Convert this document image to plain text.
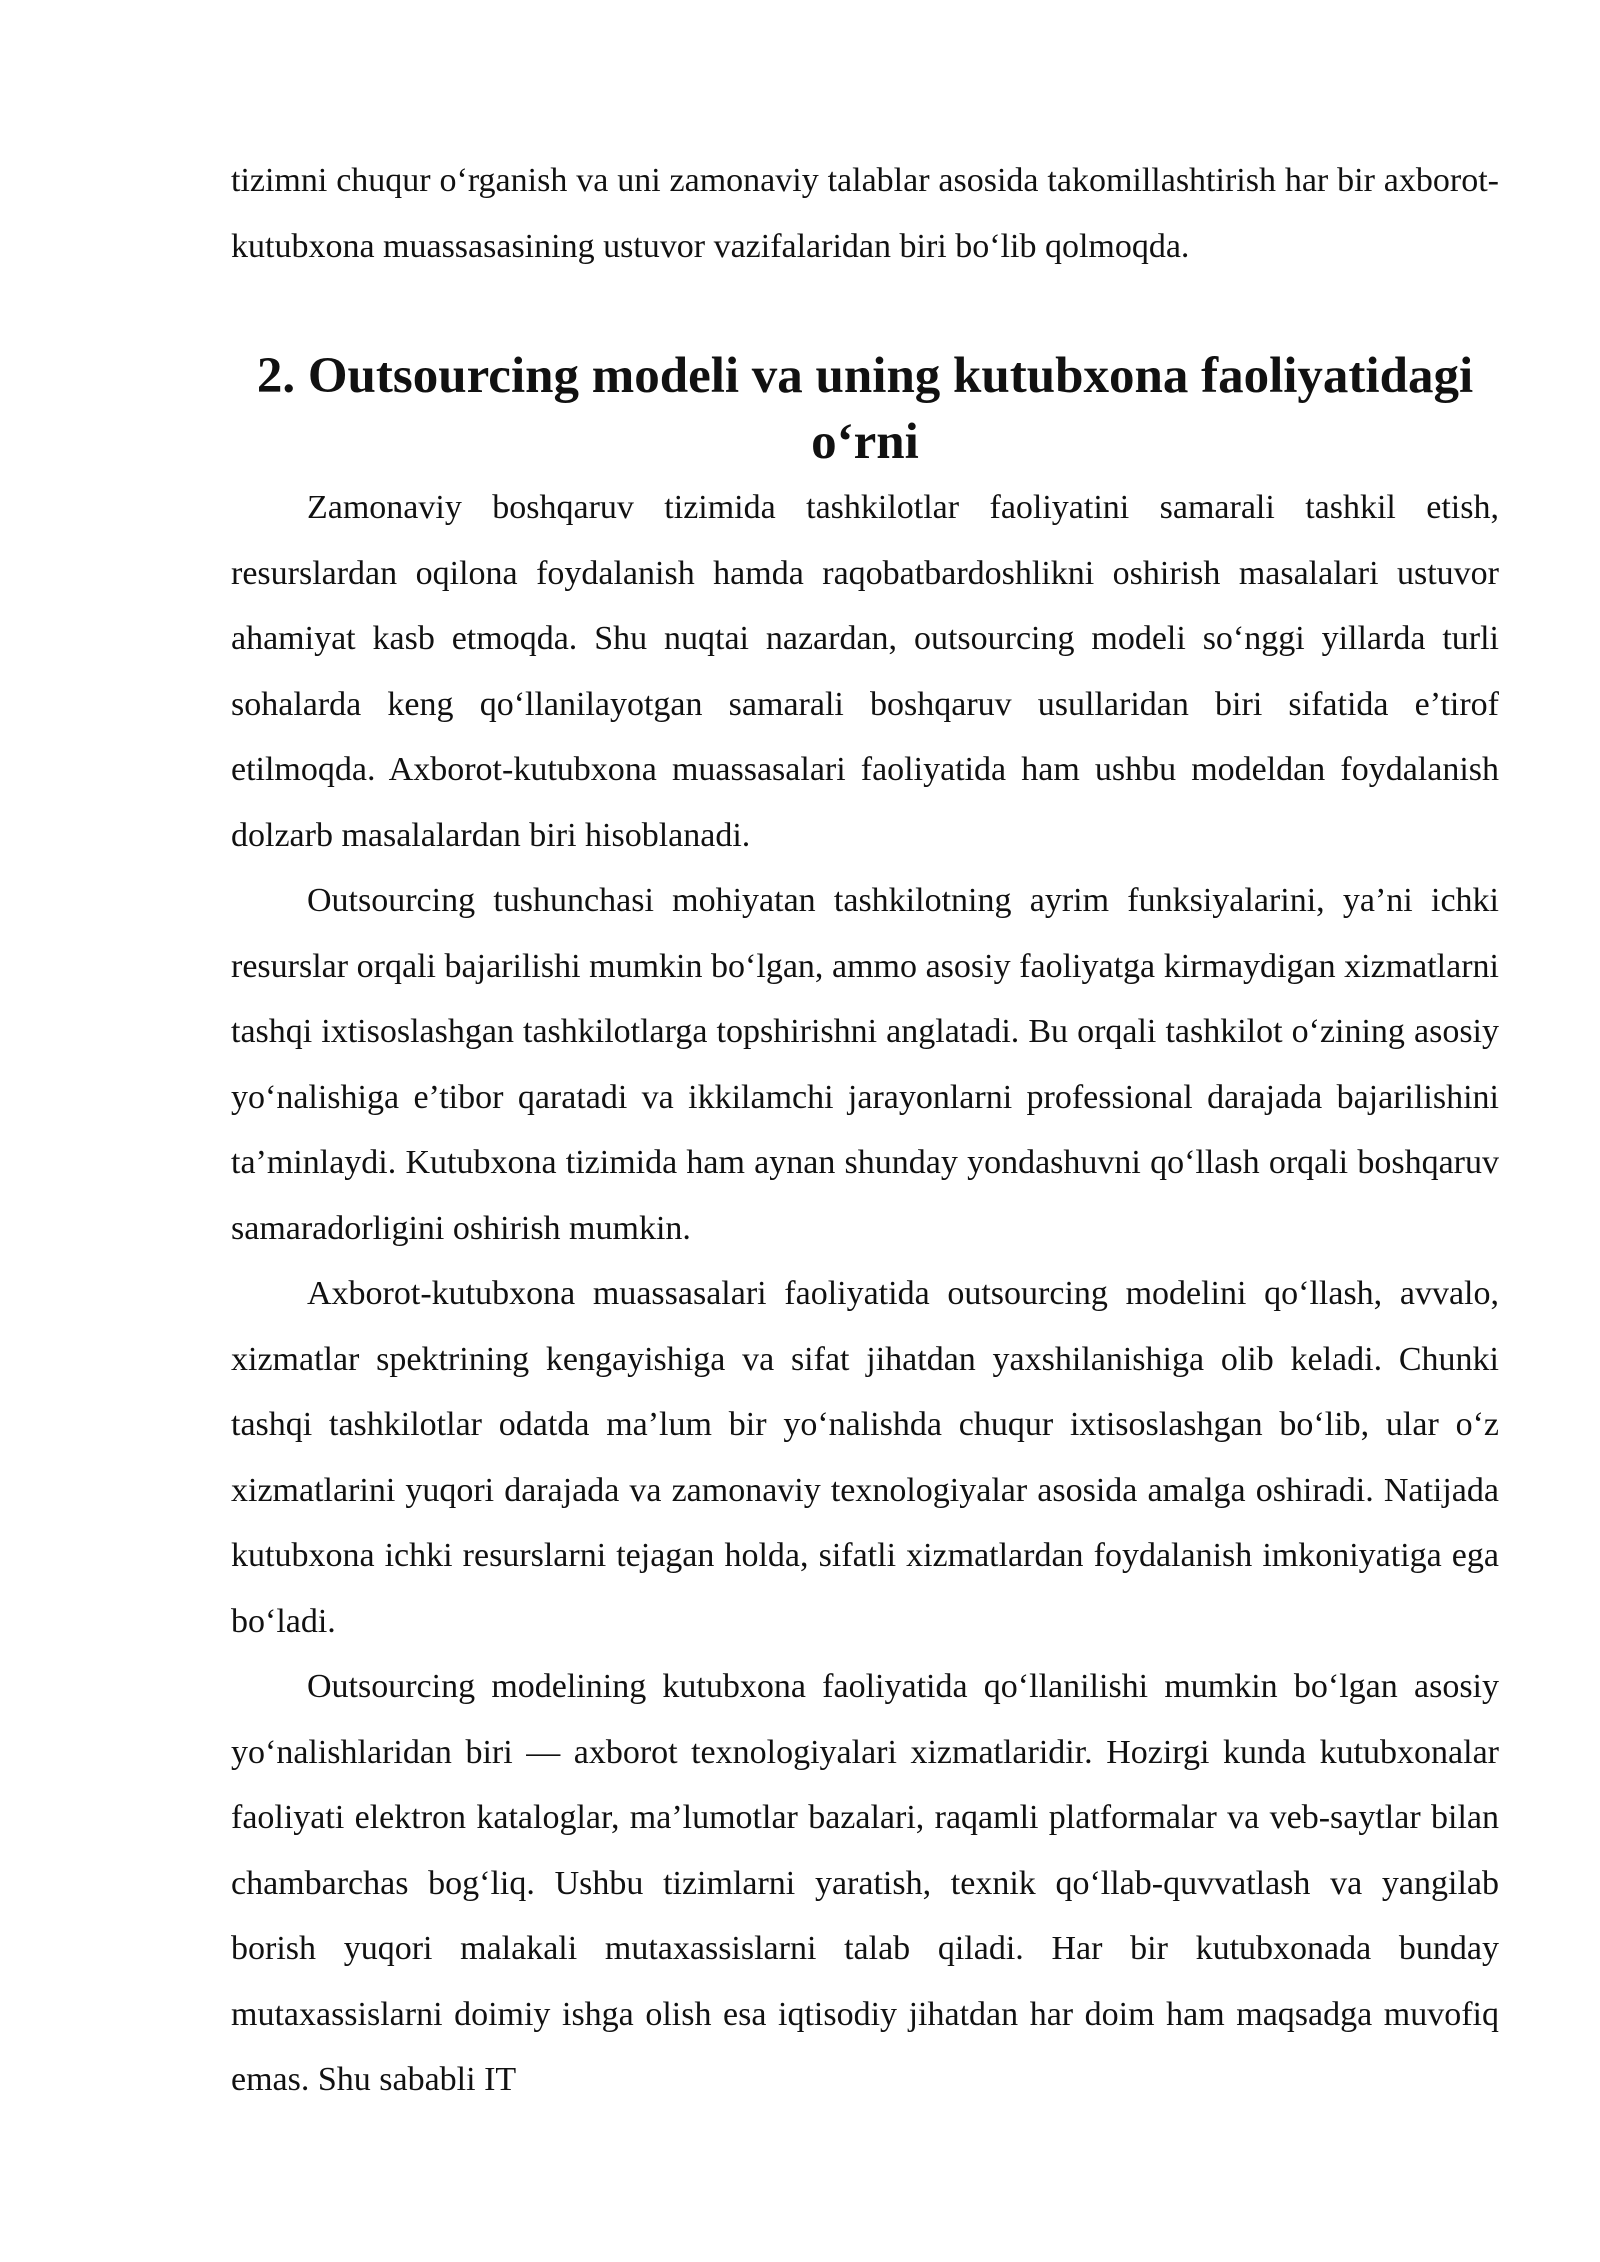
tizimni chuqur o‘rganish va uni zamonaviy talablar asosida takomillashtirish har bir axborot-kutubxona muassasasining ustuvor vazifalaridan biri bo‘lib qolmoqda.

2. Outsourcing modeli va uning kutubxona faoliyatidagi o‘rni

Zamonaviy boshqaruv tizimida tashkilotlar faoliyatini samarali tashkil etish, resurslardan oqilona foydalanish hamda raqobatbardoshlikni oshirish masalalari ustuvor ahamiyat kasb etmoqda. Shu nuqtai nazardan, outsourcing modeli so‘nggi yillarda turli sohalarda keng qo‘llanilayotgan samarali boshqaruv usullaridan biri sifatida e’tirof etilmoqda. Axborot-kutubxona muassasalari faoliyatida ham ushbu modeldan foydalanish dolzarb masalalardan biri hisoblanadi.

Outsourcing tushunchasi mohiyatan tashkilotning ayrim funksiyalarini, ya’ni ichki resurslar orqali bajarilishi mumkin bo‘lgan, ammo asosiy faoliyatga kirmaydigan xizmatlarni tashqi ixtisoslashgan tashkilotlarga topshirishni anglatadi. Bu orqali tashkilot o‘zining asosiy yo‘nalishiga e’tibor qaratadi va ikkilamchi jarayonlarni professional darajada bajarilishini ta’minlaydi. Kutubxona tizimida ham aynan shunday yondashuvni qo‘llash orqali boshqaruv samaradorligini oshirish mumkin.

Axborot-kutubxona muassasalari faoliyatida outsourcing modelini qo‘llash, avvalo, xizmatlar spektrining kengayishiga va sifat jihatdan yaxshilanishiga olib keladi. Chunki tashqi tashkilotlar odatda ma’lum bir yo‘nalishda chuqur ixtisoslashgan bo‘lib, ular o‘z xizmatlarini yuqori darajada va zamonaviy texnologiyalar asosida amalga oshiradi. Natijada kutubxona ichki resurslarni tejagan holda, sifatli xizmatlardan foydalanish imkoniyatiga ega bo‘ladi.

Outsourcing modelining kutubxona faoliyatida qo‘llanilishi mumkin bo‘lgan asosiy yo‘nalishlaridan biri — axborot texnologiyalari xizmatlaridir. Hozirgi kunda kutubxonalar faoliyati elektron kataloglar, ma’lumotlar bazalari, raqamli platformalar va veb-saytlar bilan chambarchas bog‘liq. Ushbu tizimlarni yaratish, texnik qo‘llab-quvvatlash va yangilab borish yuqori malakali mutaxassislarni talab qiladi. Har bir kutubxonada bunday mutaxassislarni doimiy ishga olish esa iqtisodiy jihatdan har doim ham maqsadga muvofiq emas. Shu sababli IT
